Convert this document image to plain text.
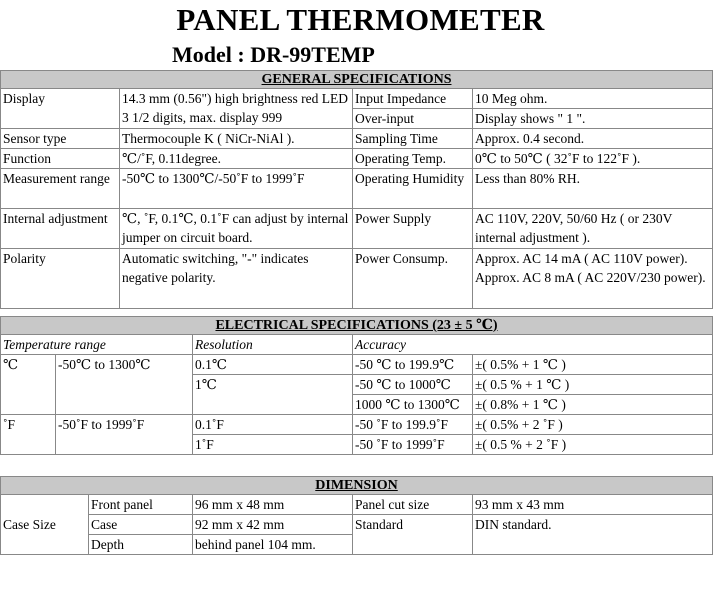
PANEL THERMOMETER
Model : DR-99TEMP
GENERAL SPECIFICATIONS			
Display	14.3 mm (0.56") high brightness red LED 3 1/2 digits, max. display 999	Input Impedance	10 Meg ohm.
		Over-input	Display shows " 1 ".
Sensor type	Thermocouple K ( NiCr-NiAl ).	Sampling Time	Approx. 0.4 second.
Function	℃/˚F, 0.11degree.	Operating Temp.	0℃ to 50℃ ( 32˚F to 122˚F ).
Measurement range	-50℃ to 1300℃/-50˚F to 1999˚F	Operating Humidity	Less than 80% RH.
Internal adjustment	℃, ˚F, 0.1℃, 0.1˚F can adjust by internal jumper on circuit board.	Power Supply	AC 110V, 220V, 50/60 Hz ( or 230V internal adjustment ).
Polarity	Automatic switching, "-" indicates negative polarity.	Power Consump.	Approx. AC 14 mA ( AC 110V power). Approx. AC 8 mA ( AC 220V/230 power).
ELECTRICAL SPECIFICATIONS (23 ± 5 ℃)				
Temperature range		Resolution	Accuracy	
℃	-50℃ to 1300℃	0.1℃	-50 ℃ to 199.9℃	±( 0.5% + 1 ℃ )
		1℃	-50 ℃ to 1000℃	±( 0.5 % + 1 ℃ )
			1000 ℃ to 1300℃	±( 0.8% + 1 ℃ )
˚F	-50˚F to 1999˚F	0.1˚F	-50 ˚F to 199.9˚F	±( 0.5% + 2 ˚F )
		1˚F	-50 ˚F to 1999˚F	±( 0.5 % + 2 ˚F )
DIMENSION				
Case Size	Front panel	96 mm x 48 mm	Panel cut size	93 mm x 43 mm
	Case	92 mm x 42 mm	Standard	DIN standard.
	Depth	behind panel 104 mm.		
